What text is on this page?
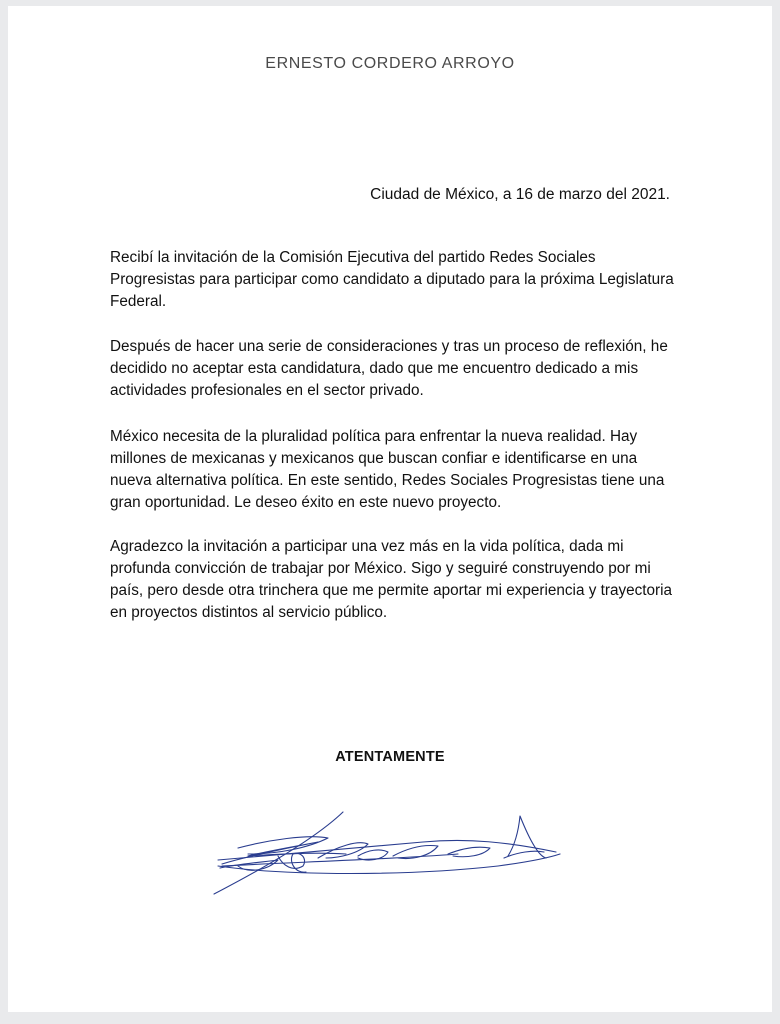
ERNESTO CORDERO ARROYO
Ciudad de México, a 16 de marzo del 2021.

Recibí la invitación de la Comisión Ejecutiva del partido Redes Sociales Progresistas para participar como candidato a diputado para la próxima Legislatura Federal.

Después de hacer una serie de consideraciones y tras un proceso de reflexión, he decidido no aceptar esta candidatura, dado que me encuentro dedicado a mis actividades profesionales en el sector privado.

México necesita de la pluralidad política para enfrentar la nueva realidad. Hay millones de mexicanas y mexicanos que buscan confiar e identificarse en una nueva alternativa política. En este sentido, Redes Sociales Progresistas tiene una gran oportunidad. Le deseo éxito en este nuevo proyecto.

Agradezco la invitación a participar una vez más en la vida política, dada mi profunda convicción de trabajar por México. Sigo y seguiré construyendo por mi país, pero desde otra trinchera que me permite aportar mi experiencia y trayectoria en proyectos distintos al servicio público.

ATENTAMENTE
